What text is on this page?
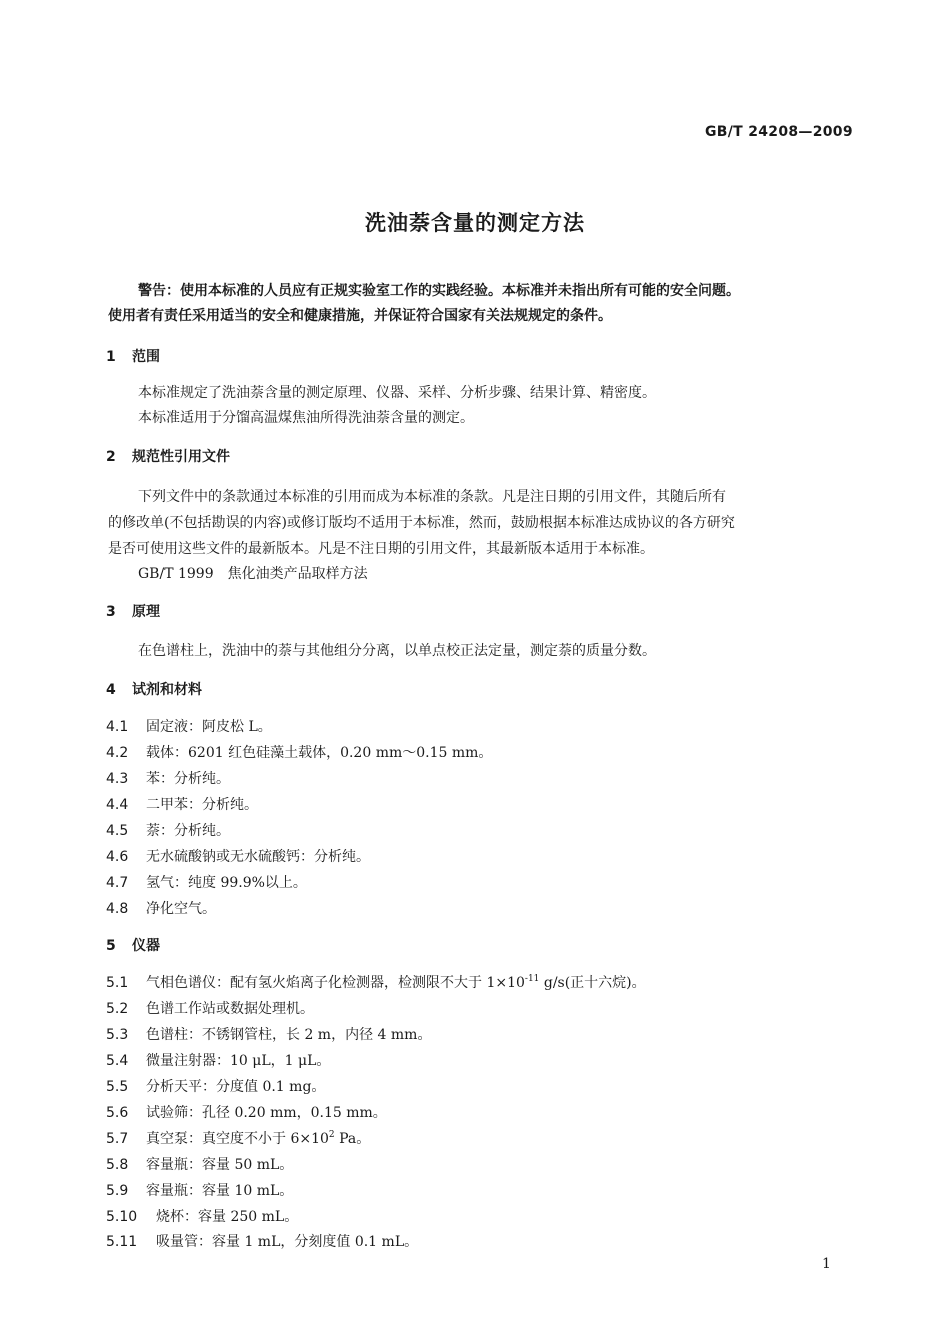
GB/T 24208—2009
洗油萘含量的测定方法
警告：使用本标准的人员应有正规实验室工作的实践经验。本标准并未指出所有可能的安全问题。
使用者有责任采用适当的安全和健康措施，并保证符合国家有关法规规定的条件。
1 范围
本标准规定了洗油萘含量的测定原理、仪器、采样、分析步骤、结果计算、精密度。
本标准适用于分馏高温煤焦油所得洗油萘含量的测定。
2 规范性引用文件
下列文件中的条款通过本标准的引用而成为本标准的条款。凡是注日期的引用文件，其随后所有
的修改单(不包括勘误的内容)或修订版均不适用于本标准，然而，鼓励根据本标准达成协议的各方研究
是否可使用这些文件的最新版本。凡是不注日期的引用文件，其最新版本适用于本标准。
GB/T 1999　焦化油类产品取样方法
3 原理
在色谱柱上，洗油中的萘与其他组分分离，以单点校正法定量，测定萘的质量分数。
4 试剂和材料
4.1 固定液：阿皮松 L。
4.2 载体：6201 红色硅藻土载体，0.20 mm～0.15 mm。
4.3 苯：分析纯。
4.4 二甲苯：分析纯。
4.5 萘：分析纯。
4.6 无水硫酸钠或无水硫酸钙：分析纯。
4.7 氢气：纯度 99.9%以上。
4.8 净化空气。
5 仪器
5.1 气相色谱仪：配有氢火焰离子化检测器，检测限不大于 $1\times 10^{-11}$ g/s(正十六烷)。
5.2 色谱工作站或数据处理机。
5.3 色谱柱：不锈钢管柱，长 2 m，内径 4 mm。
5.4 微量注射器：10 μL，1 μL。
5.5 分析天平：分度值 0.1 mg。
5.6 试验筛：孔径 0.20 mm，0.15 mm。
5.7 真空泵：真空度不小于 $6\times 10^2$ Pa。
5.8 容量瓶：容量 50 mL。
5.9 容量瓶：容量 10 mL。
5.10 烧杯：容量 250 mL。
5.11 吸量管：容量 1 mL，分刻度值 0.1 mL。
1
